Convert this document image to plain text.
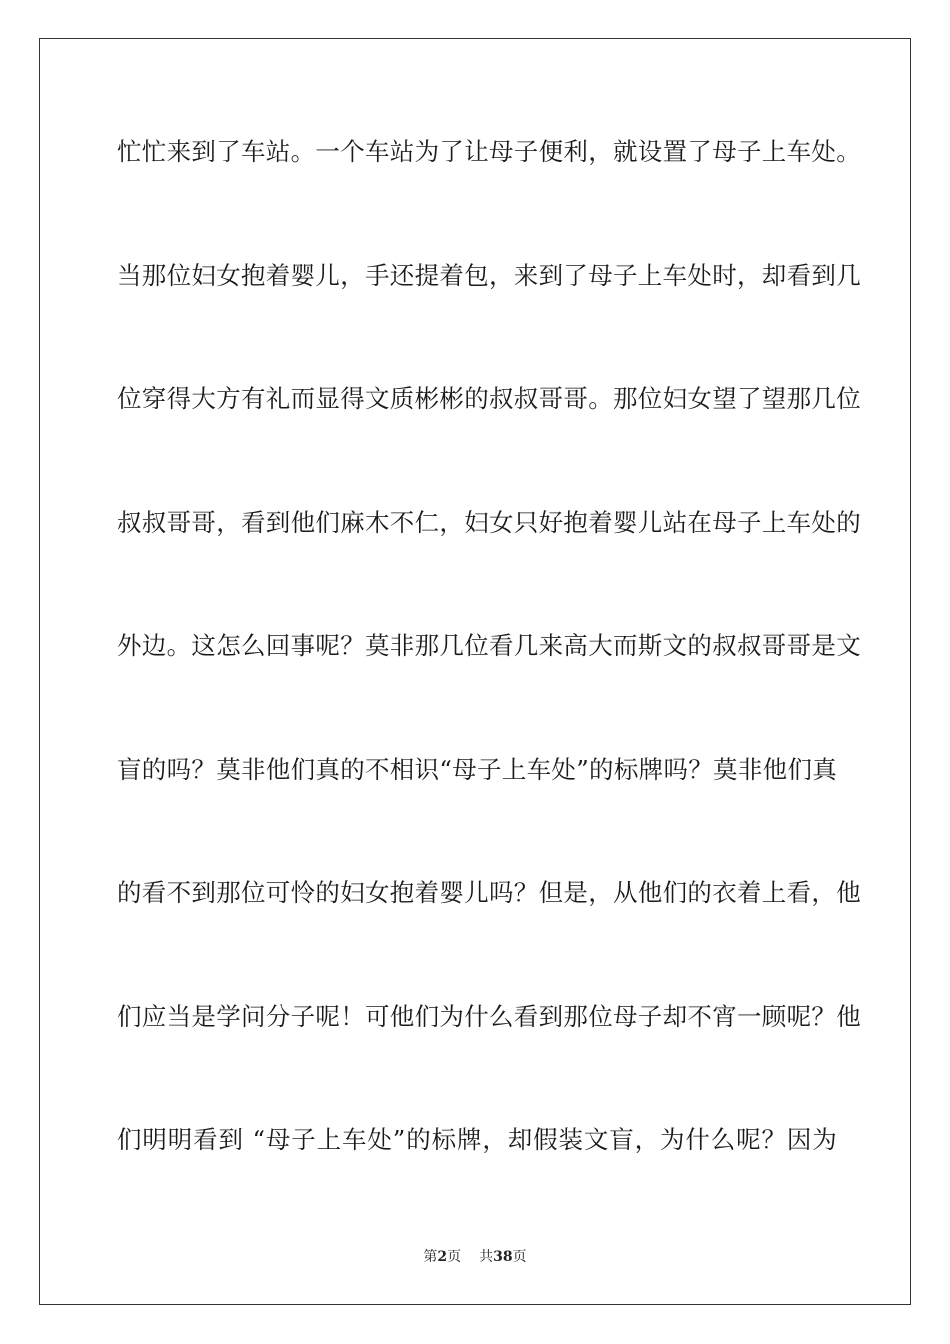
忙忙来到了车站。一个车站为了让母子便利，就设置了母子上车处。
当那位妇女抱着婴儿，手还提着包，来到了母子上车处时，却看到几
位穿得大方有礼而显得文质彬彬的叔叔哥哥。那位妇女望了望那几位
叔叔哥哥，看到他们麻木不仁，妇女只好抱着婴儿站在母子上车处的
外边。这怎么回事呢？莫非那几位看几来高大而斯文的叔叔哥哥是文
盲的吗？莫非他们真的不相识“母子上车处”的标牌吗？莫非他们真
的看不到那位可怜的妇女抱着婴儿吗？但是，从他们的衣着上看，他
们应当是学问分子呢！可他们为什么看到那位母子却不宵一顾呢？他
们明明看到 “母子上车处”的标牌，却假装文盲，为什么呢？因为
第2页 共38页
